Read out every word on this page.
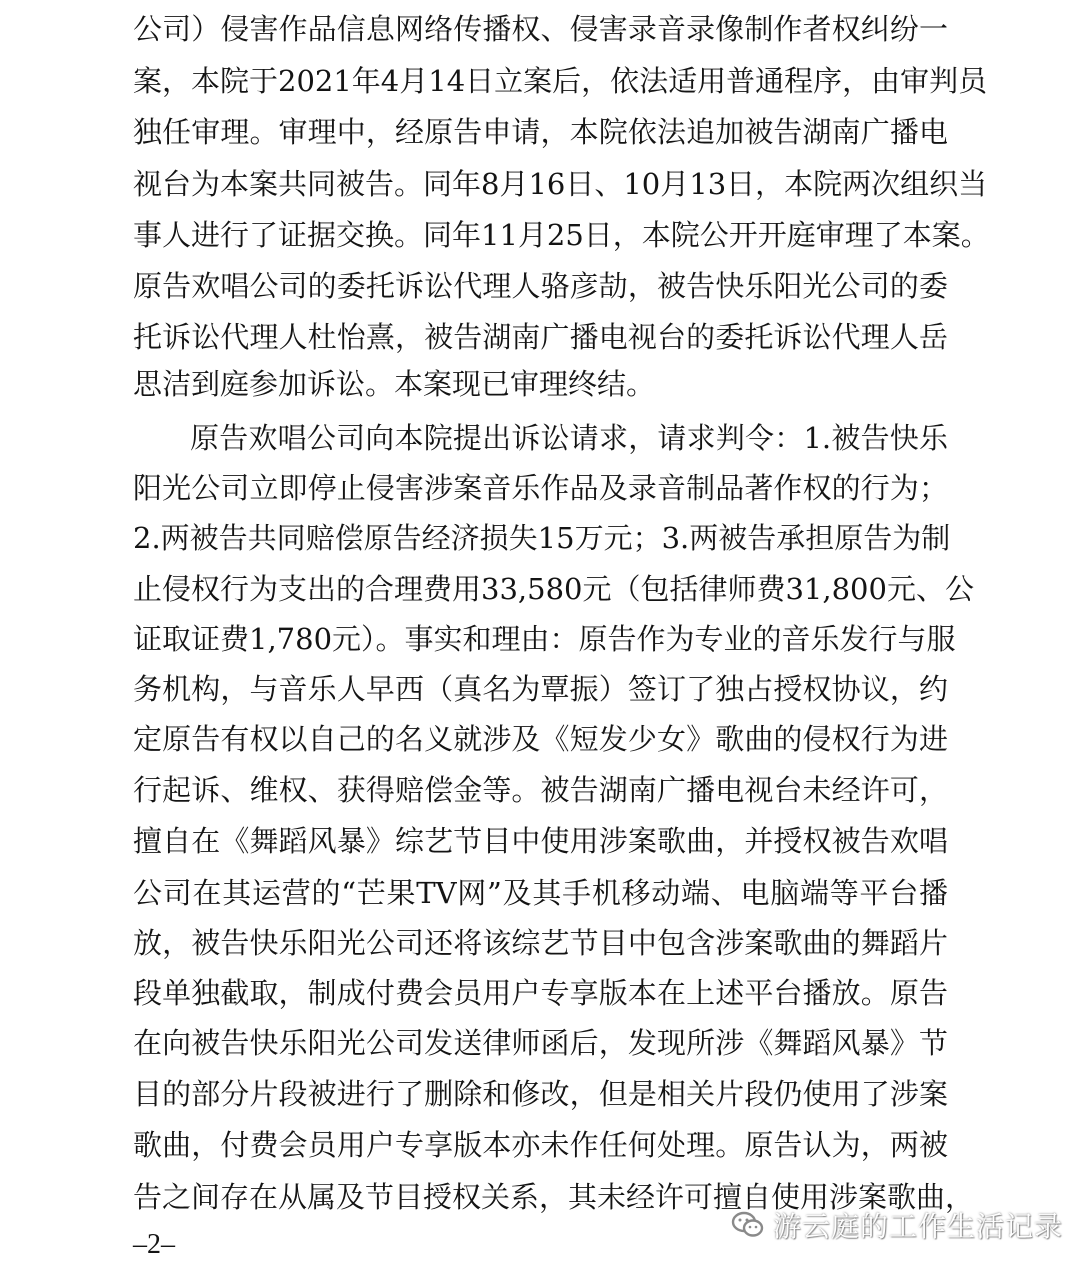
公司）侵害作品信息网络传播权、侵害录音录像制作者权纠纷一
案，本院于2021年4月14日立案后，依法适用普通程序，由审判员
独任审理。审理中，经原告申请，本院依法追加被告湖南广播电
视台为本案共同被告。同年8月16日、10月13日，本院两次组织当
事人进行了证据交换。同年11月25日，本院公开开庭审理了本案。
原告欢唱公司的委托诉讼代理人骆彦劼，被告快乐阳光公司的委
托诉讼代理人杜怡熹，被告湖南广播电视台的委托诉讼代理人岳
思洁到庭参加诉讼。本案现已审理终结。
原告欢唱公司向本院提出诉讼请求，请求判令：1.被告快乐
阳光公司立即停止侵害涉案音乐作品及录音制品著作权的行为；
2.两被告共同赔偿原告经济损失15万元；3.两被告承担原告为制
止侵权行为支出的合理费用33,580元（包括律师费31,800元、公
证取证费1,780元）。事实和理由：原告作为专业的音乐发行与服
务机构，与音乐人早西（真名为覃振）签订了独占授权协议，约
定原告有权以自己的名义就涉及《短发少女》歌曲的侵权行为进
行起诉、维权、获得赔偿金等。被告湖南广播电视台未经许可，
擅自在《舞蹈风暴》综艺节目中使用涉案歌曲，并授权被告欢唱
公司在其运营的“芒果TV网”及其手机移动端、电脑端等平台播
放，被告快乐阳光公司还将该综艺节目中包含涉案歌曲的舞蹈片
段单独截取，制成付费会员用户专享版本在上述平台播放。原告
在向被告快乐阳光公司发送律师函后，发现所涉《舞蹈风暴》节
目的部分片段被进行了删除和修改，但是相关片段仍使用了涉案
歌曲，付费会员用户专享版本亦未作任何处理。原告认为，两被
告之间存在从属及节目授权关系，其未经许可擅自使用涉案歌曲，
–2–
游云庭的工作生活记录
